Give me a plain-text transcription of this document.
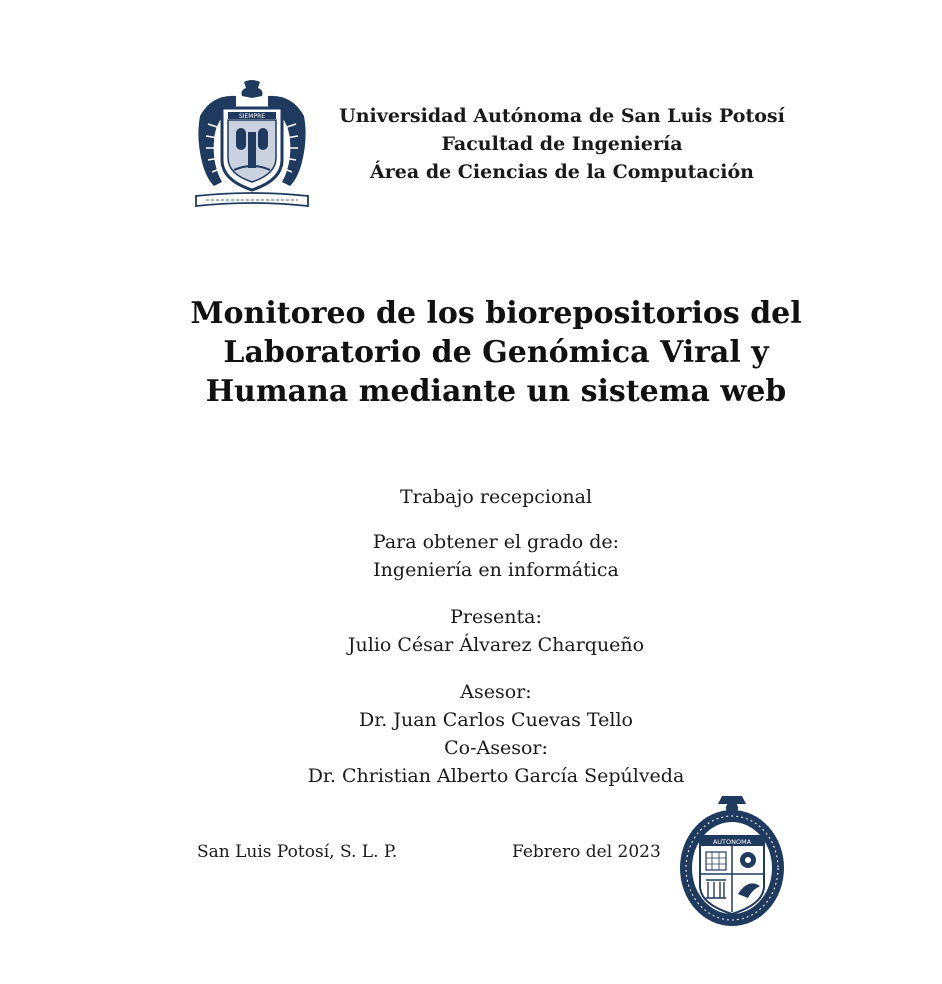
SIEMPRE	Universidad Autónoma de San Luis Potosí
Facultad de Ingeniería
Área de Ciencias de la Computación
Monitoreo de los biorepositorios del
Laboratorio de Genómica Viral y
Humana mediante un sistema web
Trabajo recepcional
Para obtener el grado de:
Ingeniería en informática
Presenta:
Julio César Álvarez Charqueño
Asesor:
Dr. Juan Carlos Cuevas Tello
Co-Asesor:
Dr. Christian Alberto García Sepúlveda
San Luis Potosí, S. L. P.	Febrero del 2023	AUTONOMA
